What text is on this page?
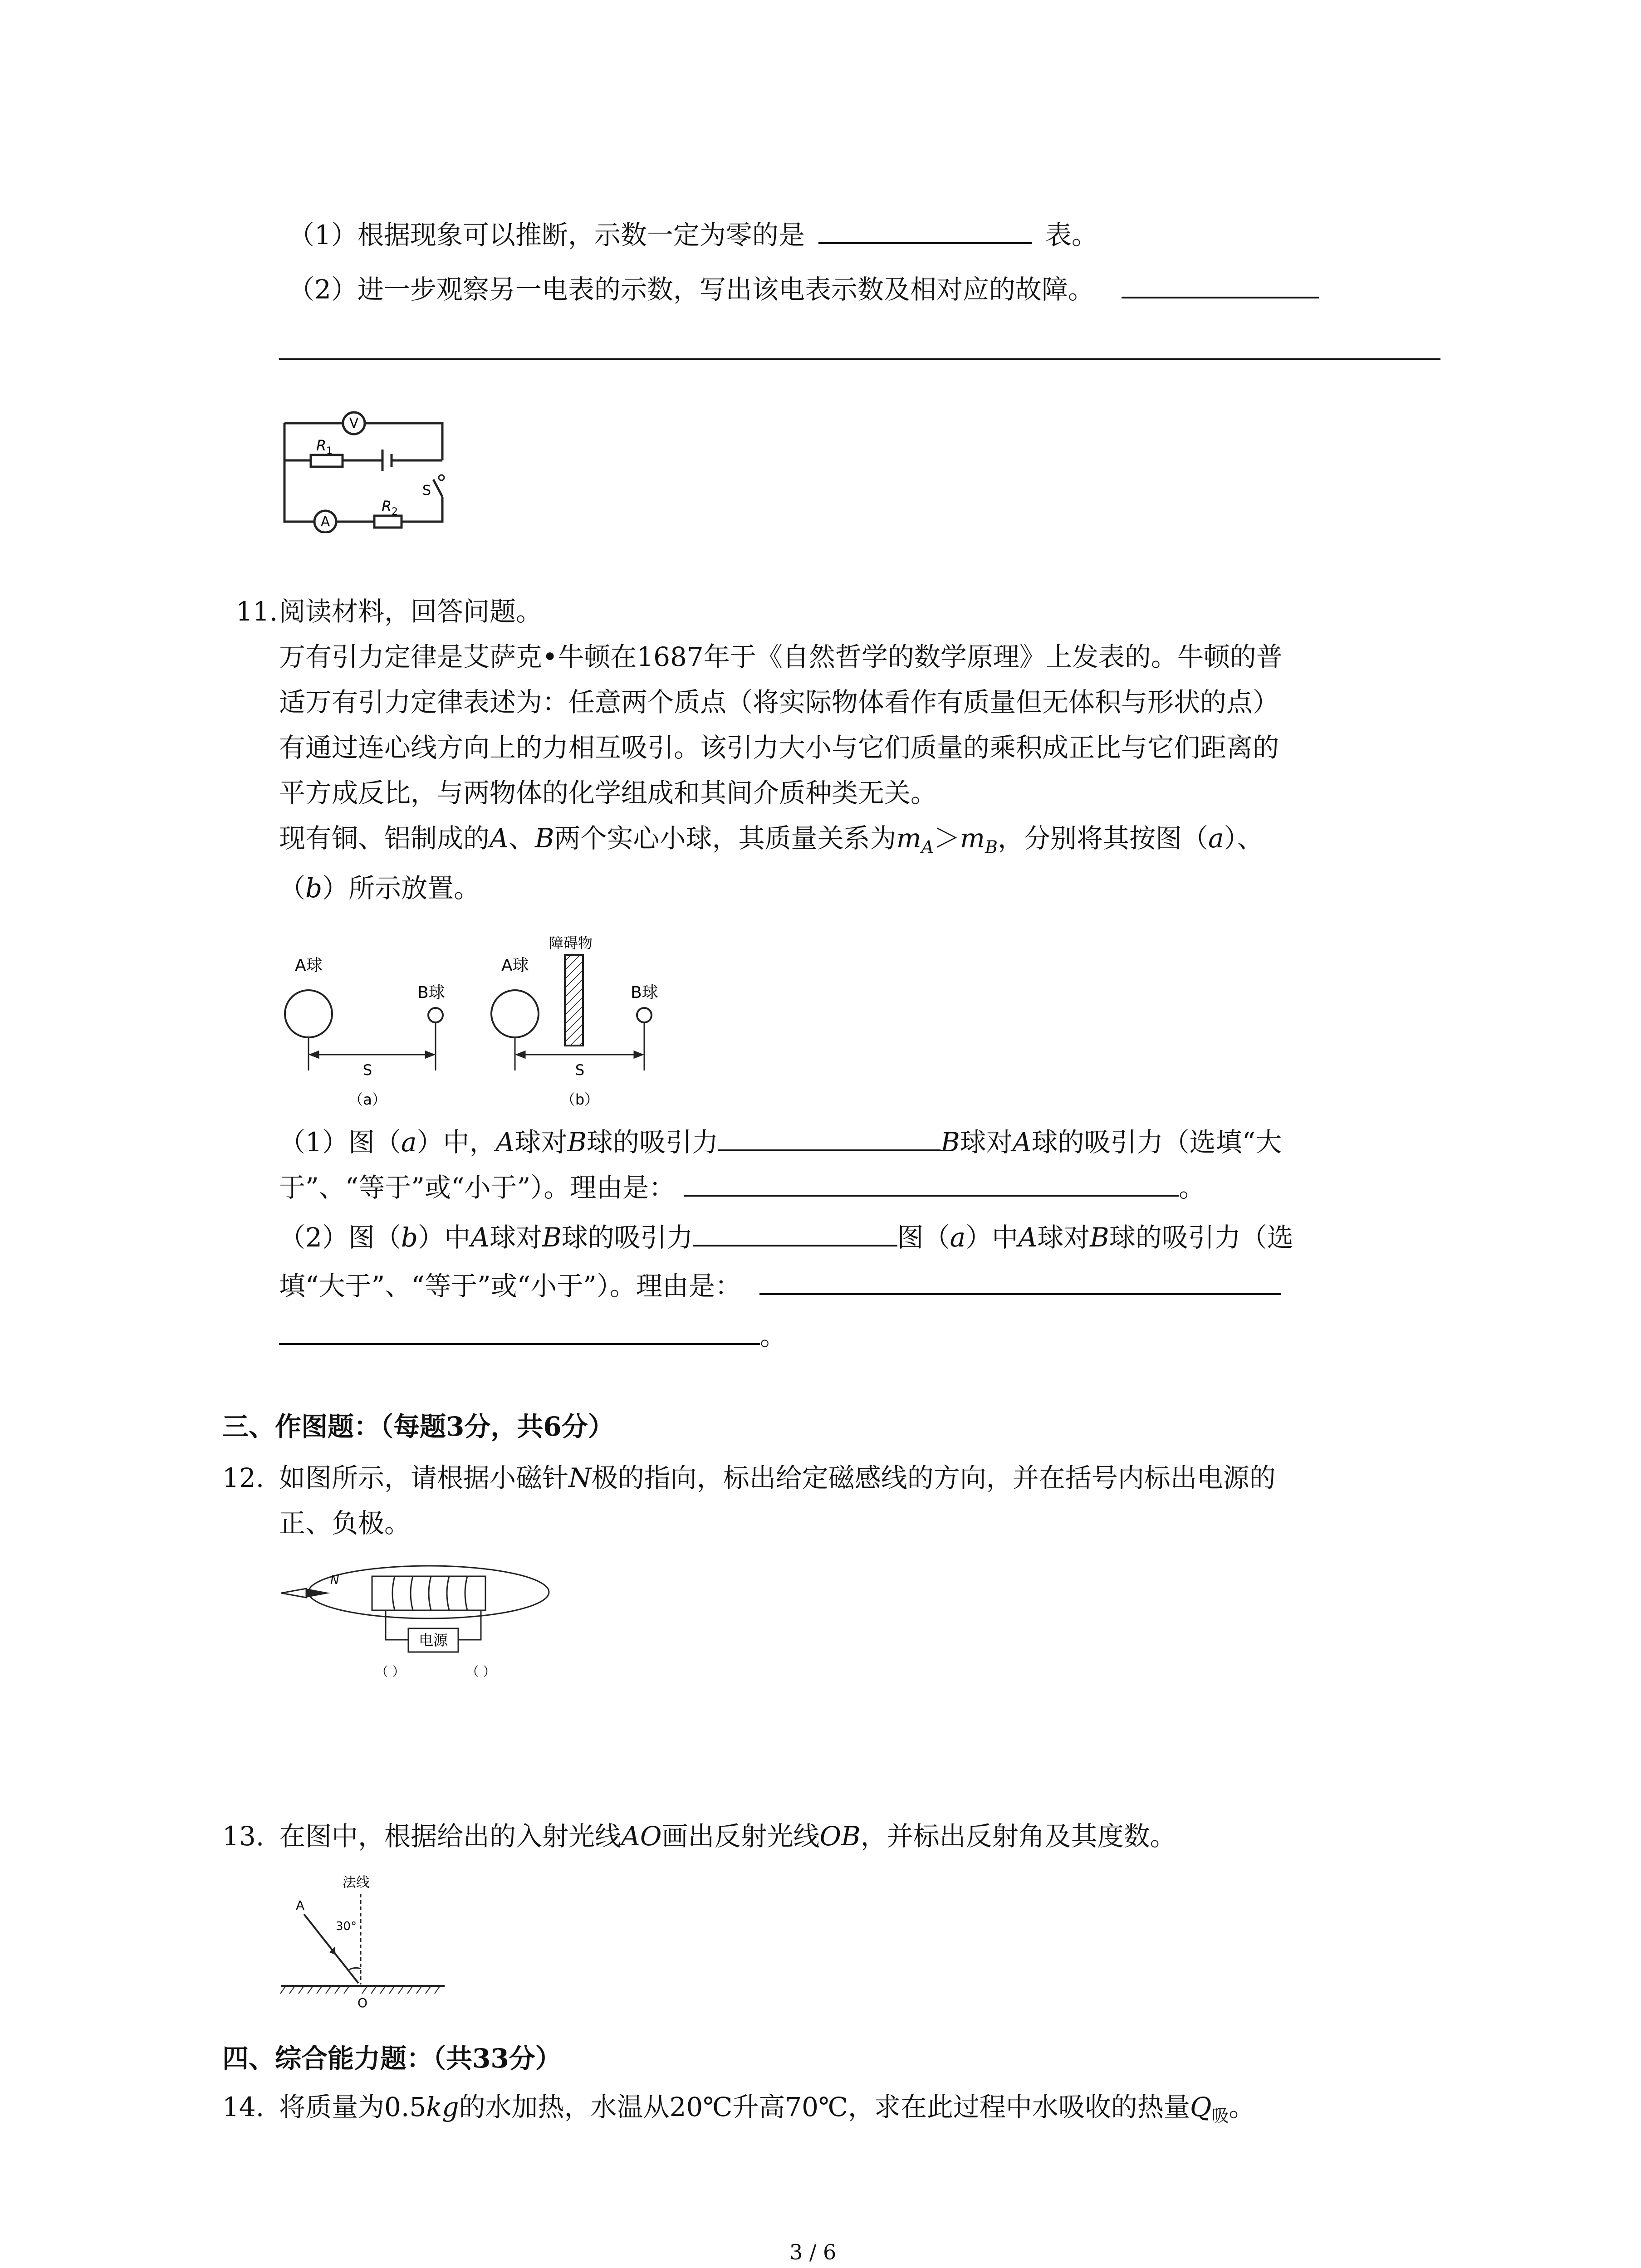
（1）根据现象可以推断，示数一定为零的是	表。
（2）进一步观察另一电表的示数，写出该电表示数及相对应的故障。
V
A
R 1
R 2
S
11. 阅读材料，回答问题。
万有引力定律是艾萨克•牛顿在1687年于《自然哲学的数学原理》上发表的。牛顿的普
适万有引力定律表述为：任意两个质点（将实际物体看作有质量但无体积与形状的点）
有通过连心线方向上的力相互吸引。该引力大小与它们质量的乘积成正比与它们距离的
平方成反比，与两物体的化学组成和其间介质种类无关。
现有铜、铝制成的A、B两个实心小球，其质量关系为$m_A>m_B$，分别将其按图（a）、
（b）所示放置。
A球
B球
S
（a）
A球
障碍物
B球
S
（b）
（1）图（a）中，A球对B球的吸引力	B球对A球的吸引力（选填“大
于”、“等于”或“小于”）。理由是：	。
（2）图（b）中A球对B球的吸引力	图（a）中A球对B球的吸引力（选
填“大于”、“等于”或“小于”）。理由是：
。
三、作图题：（每题3分，共6分）
12. 如图所示，请根据小磁针N极的指向，标出给定磁感线的方向，并在括号内标出电源的
正、负极。
N
电源
（ ）	（ ）
13. 在图中，根据给出的入射光线AO画出反射光线OB，并标出反射角及其度数。
法线
A
30°
O
四、综合能力题：（共33分）
14. 将质量为0.5kg的水加热，水温从20℃升高70℃，求在此过程中水吸收的热量$Q_吸$。
3 / 6
